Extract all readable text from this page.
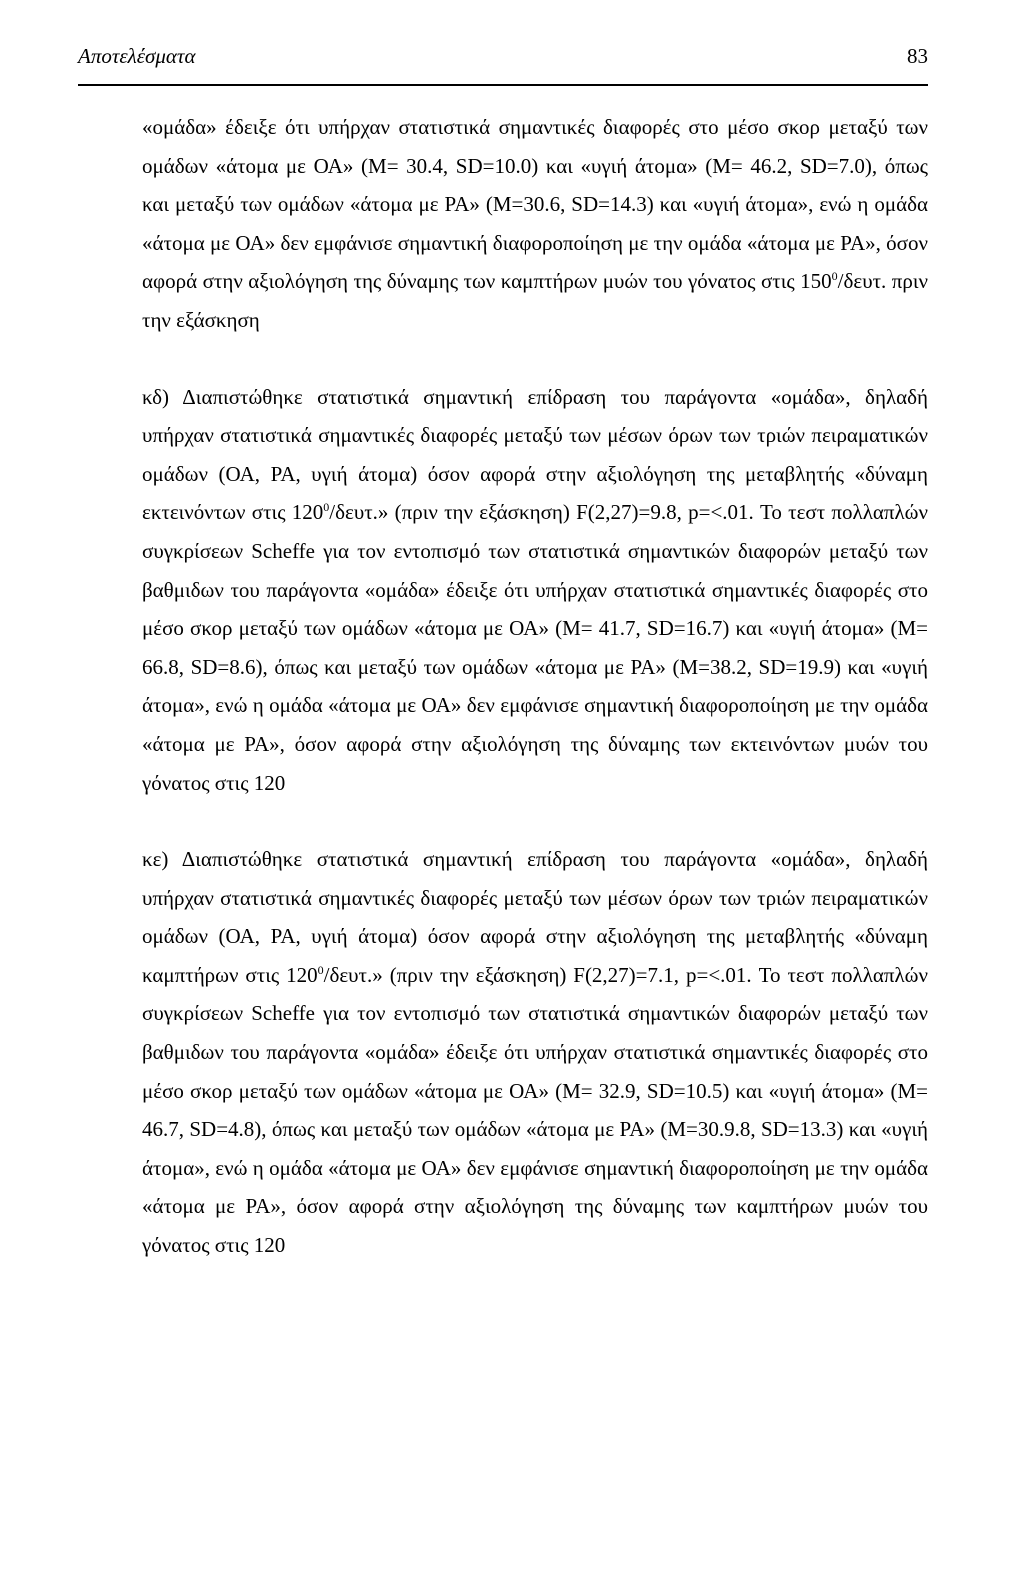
Αποτελέσματα	83

«ομάδα» έδειξε ότι υπήρχαν στατιστικά σημαντικές διαφορές στο μέσο σκορ μεταξύ των ομάδων «άτομα με ΟΑ» (M= 30.4, SD=10.0) και «υγιή άτομα» (M= 46.2, SD=7.0), όπως και μεταξύ των ομάδων «άτομα με PA» (M=30.6, SD=14.3) και «υγιή άτομα», ενώ η ομάδα «άτομα με ΟΑ» δεν εμφάνισε σημαντική διαφοροποίηση με την ομάδα «άτομα με PA», όσον αφορά στην αξιολόγηση της δύναμης των καμπτήρων μυών του γόνατος στις $150^0$/δευτ. πριν την εξάσκηση

κδ) Διαπιστώθηκε στατιστικά σημαντική επίδραση του παράγοντα «ομάδα», δηλαδή υπήρχαν στατιστικά σημαντικές διαφορές μεταξύ των μέσων όρων των τριών πειραματικών ομάδων (ΟΑ, PA, υγιή άτομα) όσον αφορά στην αξιολόγηση της μεταβλητής «δύναμη εκτεινόντων στις $120^0$/δευτ.» (πριν την εξάσκηση) F(2,27)=9.8, p=<.01. Το τεστ πολλαπλών συγκρίσεων Scheffe για τον εντοπισμό των στατιστικά σημαντικών διαφορών μεταξύ των βαθμιδων του παράγοντα «ομάδα» έδειξε ότι υπήρχαν στατιστικά σημαντικές διαφορές στο μέσο σκορ μεταξύ των ομάδων «άτομα με ΟΑ» (M= 41.7, SD=16.7) και «υγιή άτομα» (M= 66.8, SD=8.6), όπως και μεταξύ των ομάδων «άτομα με PA» (M=38.2, SD=19.9) και «υγιή άτομα», ενώ η ομάδα «άτομα με ΟΑ» δεν εμφάνισε σημαντική διαφοροποίηση με την ομάδα «άτομα με PA», όσον αφορά στην αξιολόγηση της δύναμης των εκτεινόντων μυών του γόνατος στις 120

κε) Διαπιστώθηκε στατιστικά σημαντική επίδραση του παράγοντα «ομάδα», δηλαδή υπήρχαν στατιστικά σημαντικές διαφορές μεταξύ των μέσων όρων των τριών πειραματικών ομάδων (ΟΑ, PA, υγιή άτομα) όσον αφορά στην αξιολόγηση της μεταβλητής «δύναμη καμπτήρων στις $120^0$/δευτ.» (πριν την εξάσκηση) F(2,27)=7.1, p=<.01. Το τεστ πολλαπλών συγκρίσεων Scheffe για τον εντοπισμό των στατιστικά σημαντικών διαφορών μεταξύ των βαθμιδων του παράγοντα «ομάδα» έδειξε ότι υπήρχαν στατιστικά σημαντικές διαφορές στο μέσο σκορ μεταξύ των ομάδων «άτομα με ΟΑ» (M= 32.9, SD=10.5) και «υγιή άτομα» (M= 46.7, SD=4.8), όπως και μεταξύ των ομάδων «άτομα με PA» (M=30.9.8, SD=13.3) και «υγιή άτομα», ενώ η ομάδα «άτομα με ΟΑ» δεν εμφάνισε σημαντική διαφοροποίηση με την ομάδα «άτομα με PA», όσον αφορά στην αξιολόγηση της δύναμης των καμπτήρων μυών του γόνατος στις 120
